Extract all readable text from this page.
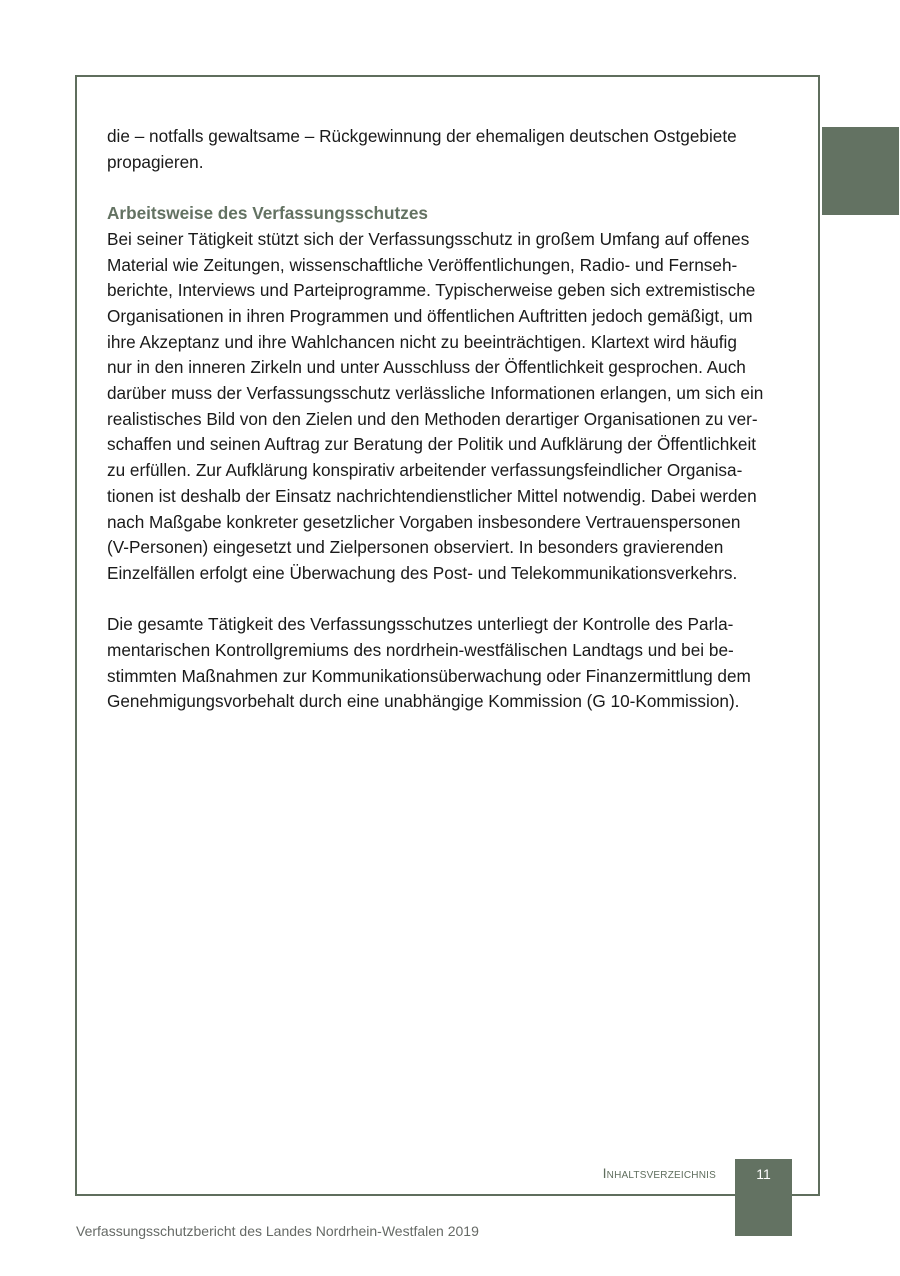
die – notfalls gewaltsame – Rückgewinnung der ehemaligen deutschen Ostgebiete
propagieren.

Arbeitsweise des Verfassungsschutzes

Bei seiner Tätigkeit stützt sich der Verfassungsschutz in großem Umfang auf offenes
Material wie Zeitungen, wissenschaftliche Veröffentlichungen, Radio- und Fernseh-
berichte, Interviews und Parteiprogramme. Typischerweise geben sich extremistische
Organisationen in ihren Programmen und öffentlichen Auftritten jedoch gemäßigt, um
ihre Akzeptanz und ihre Wahlchancen nicht zu beeinträchtigen. Klartext wird häufig
nur in den inneren Zirkeln und unter Ausschluss der Öffentlichkeit gesprochen. Auch
darüber muss der Verfassungsschutz verlässliche Informationen erlangen, um sich ein
realistisches Bild von den Zielen und den Methoden derartiger Organisationen zu ver-
schaffen und seinen Auftrag zur Beratung der Politik und Aufklärung der Öffentlichkeit
zu erfüllen. Zur Aufklärung konspirativ arbeitender verfassungsfeindlicher Organisa-
tionen ist deshalb der Einsatz nachrichtendienstlicher Mittel notwendig. Dabei werden
nach Maßgabe konkreter gesetzlicher Vorgaben insbesondere Vertrauenspersonen
(V-Personen) eingesetzt und Zielpersonen observiert. In besonders gravierenden
Einzelfällen erfolgt eine Überwachung des Post- und Telekommunikationsverkehrs.

Die gesamte Tätigkeit des Verfassungsschutzes unterliegt der Kontrolle des Parla-
mentarischen Kontrollgremiums des nordrhein-westfälischen Landtags und bei be-
stimmten Maßnahmen zur Kommunikationsüberwachung oder Finanzermittlung dem
Genehmigungsvorbehalt durch eine unabhängige Kommission (G 10-Kommission).

Inhaltsverzeichnis	11
Verfassungsschutzbericht des Landes Nordrhein-Westfalen 2019
